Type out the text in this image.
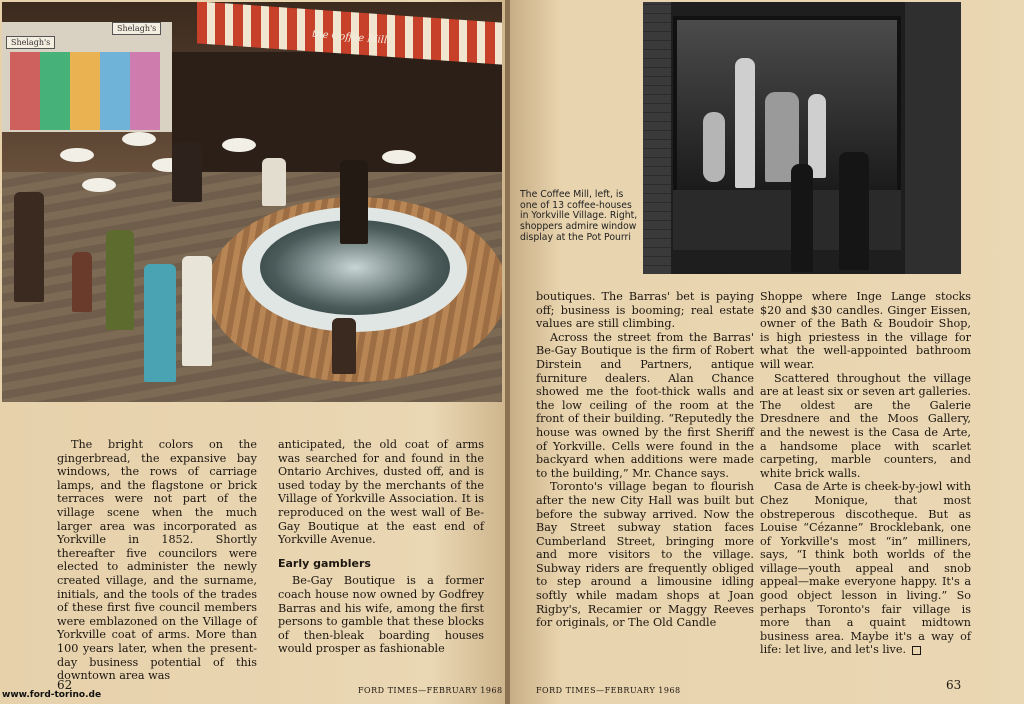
Shelagh's
Shelagh's
the Coffee Mill

The bright colors on the gingerbread, the expansive bay windows, the rows of carriage lamps, and the flagstone or brick terraces were not part of the village scene when the much larger area was incorporated as Yorkville in 1852. Shortly thereafter five councilors were elected to administer the newly created village, and the surname, initials, and the tools of the trades of these first five council members were emblazoned on the Village of Yorkville coat of arms. More than 100 years later, when the present-day business potential of this downtown area was

anticipated, the old coat of arms was searched for and found in the Ontario Archives, dusted off, and is used today by the merchants of the Village of Yorkville Association. It is reproduced on the west wall of Be-Gay Boutique at the east end of Yorkville Avenue.

Early gamblers

Be-Gay Boutique is a former coach house now owned by Godfrey Barras and his wife, among the first persons to gamble that these blocks of then-bleak boarding houses would prosper as fashionable

62	FORD TIMES—FEBRUARY 1968
www.ford-torino.de
The Coffee Mill, left, is one of 13 coffee-houses in Yorkville Village. Right, shoppers admire window display at the Pot Pourri

boutiques. The Barras' bet is paying off; business is booming; real estate values are still climbing.

Across the street from the Barras' Be-Gay Boutique is the firm of Robert Dirstein and Partners, antique furniture dealers. Alan Chance showed me the foot-thick walls and the low ceiling of the room at the front of their building. “Reputedly the house was owned by the first Sheriff of Yorkville. Cells were found in the backyard when additions were made to the building,” Mr. Chance says.

Toronto's village began to flourish after the new City Hall was built but before the subway arrived. Now the Bay Street subway station faces Cumberland Street, bringing more and more visitors to the village. Subway riders are frequently obliged to step around a limousine idling softly while madam shops at Joan Rigby's, Recamier or Maggy Reeves for originals, or The Old Candle

Shoppe where Inge Lange stocks $20 and $30 candles. Ginger Eissen, owner of the Bath & Boudoir Shop, is high priestess in the village for what the well-appointed bathroom will wear.

Scattered throughout the village are at least six or seven art galleries. The oldest are the Galerie Dresdnere and the Moos Gallery, and the newest is the Casa de Arte, a handsome place with scarlet carpeting, marble counters, and white brick walls.

Casa de Arte is cheek-by-jowl with Chez Monique, that most obstreperous discotheque. But as Louise “Cézanne” Brocklebank, one of Yorkville's most “in” milliners, says, “I think both worlds of the village—youth appeal and snob appeal—make everyone happy. It's a good object lesson in living.” So perhaps Toronto's fair village is more than a quaint midtown business area. Maybe it's a way of life: let live, and let's live.

FORD TIMES—FEBRUARY 1968	63
